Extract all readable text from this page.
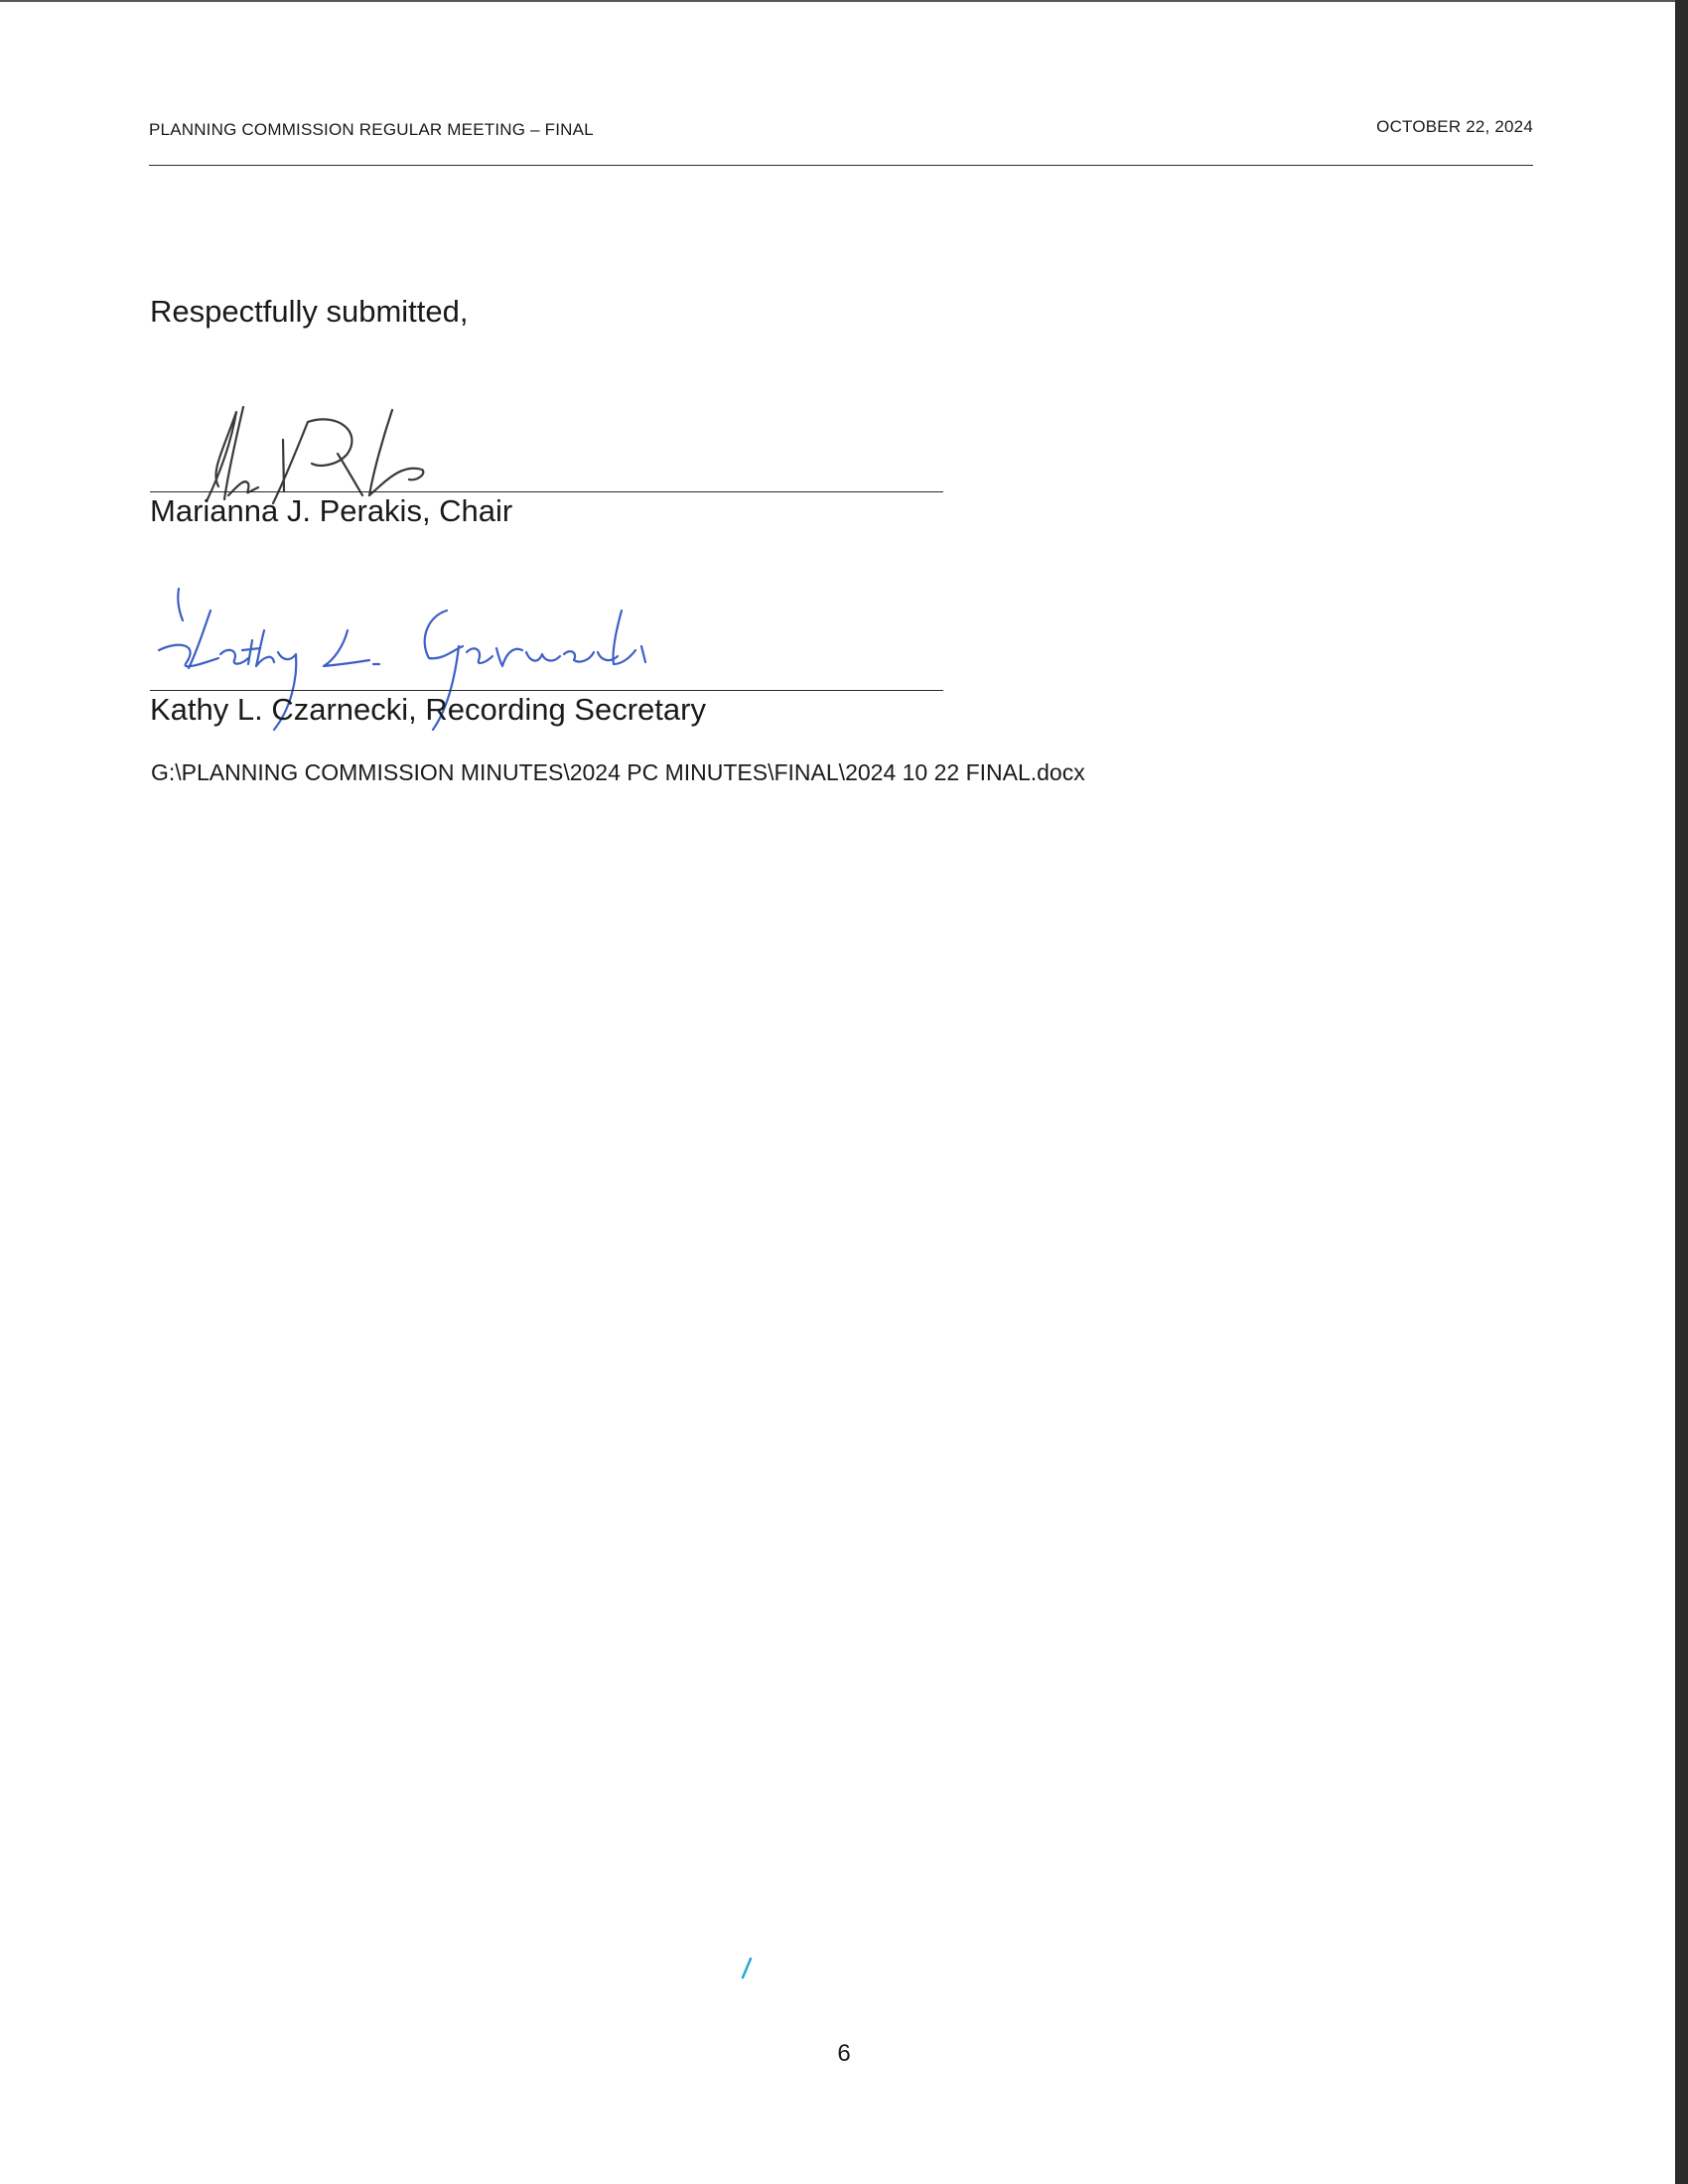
PLANNING COMMISSION REGULAR MEETING – FINAL	OCTOBER 22, 2024
Respectfully submitted,
Marianna J. Perakis, Chair
Kathy L. Czarnecki, Recording Secretary
G:\PLANNING COMMISSION MINUTES\2024 PC MINUTES\FINAL\2024 10 22 FINAL.docx
6
